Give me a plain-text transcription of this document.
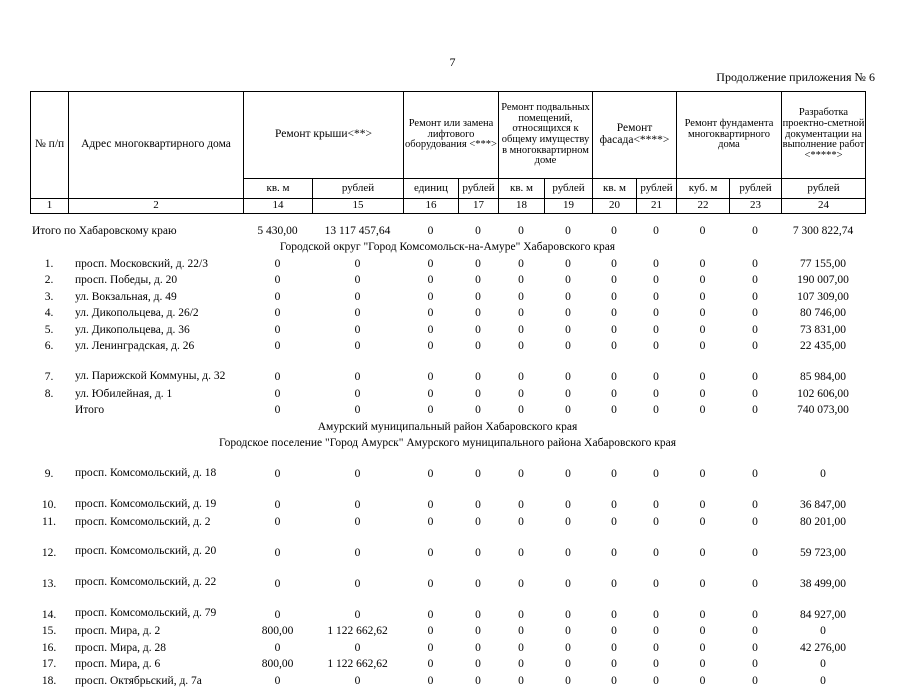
7
Продолжение приложения № 6
№ п/п	Адрес многоквартирного дома	Ремонт крыши<**>		Ремонт или замена лифтового оборудования <***>		Ремонт подвальных помещений, относящихся к общему имуществу в многоквартирном доме		Ремонт фасада<****>		Ремонт фундамента многоквартирного дома		Разработка проектно-сметной документации на выполнение работ <*****>
		кв. м	рублей	единиц	рублей	кв. м	рублей	кв. м	рублей	куб. м	рублей	рублей
1	2	14	15	16	17	18	19	20	21	22	23	24
Итого по Хабаровскому краю		5 430,00	13 117 457,64	0	0	0	0	0	0	0	0	7 300 822,74
Городской округ "Город Комсомольск-на-Амуре" Хабаровского края												
1.	просп. Московский, д. 22/3	0	0	0	0	0	0	0	0	0	0	77 155,00
2.	просп. Победы, д. 20	0	0	0	0	0	0	0	0	0	0	190 007,00
3.	ул. Вокзальная, д. 49	0	0	0	0	0	0	0	0	0	0	107 309,00
4.	ул. Дикопольцева, д. 26/2	0	0	0	0	0	0	0	0	0	0	80 746,00
5.	ул. Дикопольцева, д. 36	0	0	0	0	0	0	0	0	0	0	73 831,00
6.	ул. Ленинградская, д. 26	0	0	0	0	0	0	0	0	0	0	22 435,00
7.	ул. Парижской Коммуны, д. 32	0	0	0	0	0	0	0	0	0	0	85 984,00
8.	ул. Юбилейная, д. 1	0	0	0	0	0	0	0	0	0	0	102 606,00
	Итого	0	0	0	0	0	0	0	0	0	0	740 073,00
Амурский муниципальный район Хабаровского края												
Городское поселение "Город Амурск" Амурского муниципального района Хабаровского края												
9.	просп. Комсомольский, д. 18	0	0	0	0	0	0	0	0	0	0	0
10.	просп. Комсомольский, д. 19	0	0	0	0	0	0	0	0	0	0	36 847,00
11.	просп. Комсомольский, д. 2	0	0	0	0	0	0	0	0	0	0	80 201,00
12.	просп. Комсомольский, д. 20	0	0	0	0	0	0	0	0	0	0	59 723,00
13.	просп. Комсомольский, д. 22	0	0	0	0	0	0	0	0	0	0	38 499,00
14.	просп. Комсомольский, д. 79	0	0	0	0	0	0	0	0	0	0	84 927,00
15.	просп. Мира, д. 2	800,00	1 122 662,62	0	0	0	0	0	0	0	0	0
16.	просп. Мира, д. 28	0	0	0	0	0	0	0	0	0	0	42 276,00
17.	просп. Мира, д. 6	800,00	1 122 662,62	0	0	0	0	0	0	0	0	0
18.	просп. Октябрьский, д. 7а	0	0	0	0	0	0	0	0	0	0	0
